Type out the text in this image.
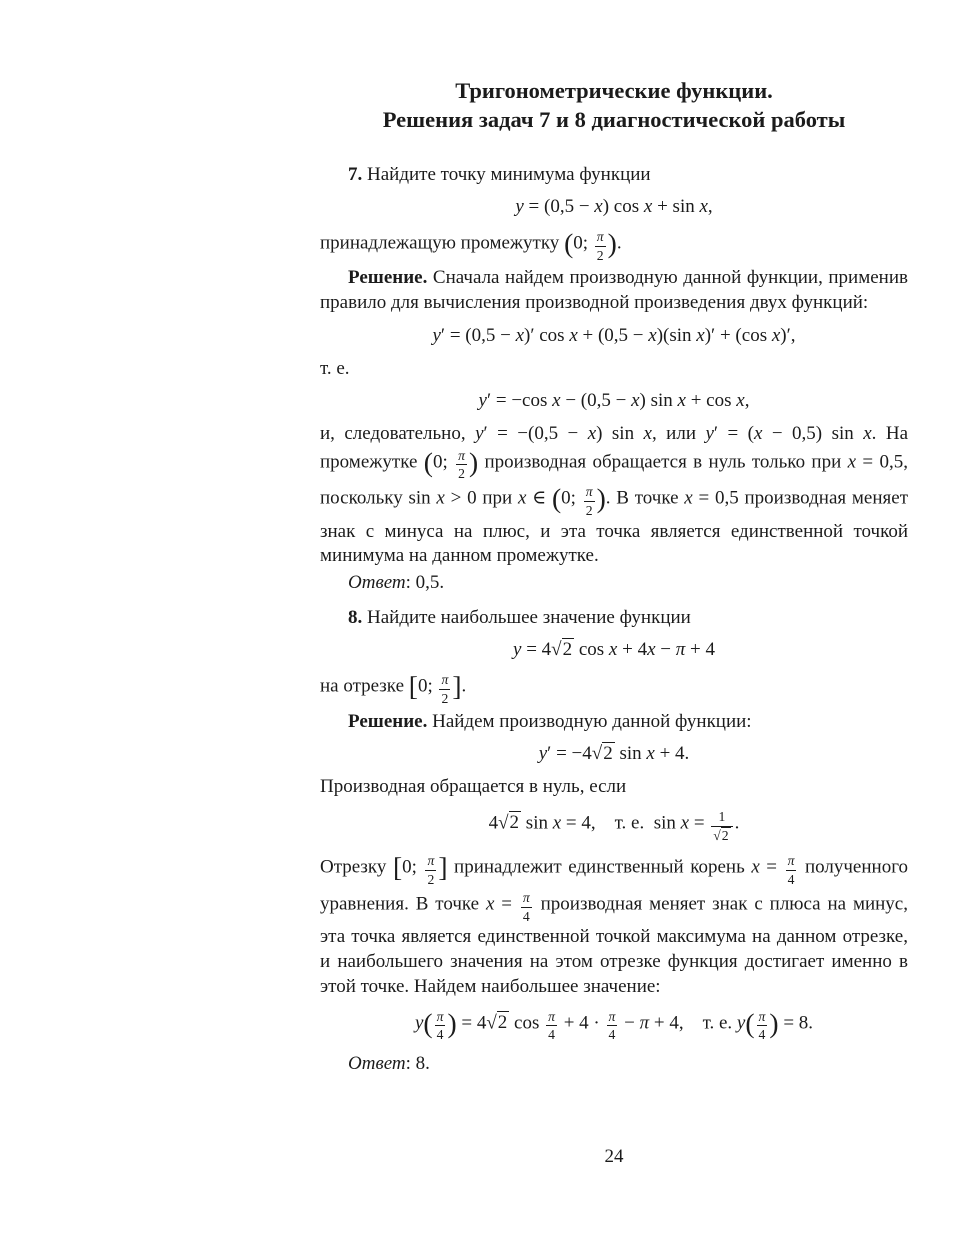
Тригонометрические функции.
Решения задач 7 и 8 диагностической работы

7. Найдите точку минимума функции

y = (0,5 − x) cos x + sin x,

принадлежащую промежутку (0; $\frac{\pi}{2}$ ).

Решение. Сначала найдем производную данной функции, применив правило для вычисления производной произведения двух функций:

y′ = (0,5 − x)′ cos x + (0,5 − x)(sin x)′ + (cos x)′,

т. е.

y′ = −cos x − (0,5 − x) sin x + cos x,

и, следовательно, y′ = −(0,5 − x) sin x, или y′ = (x − 0,5) sin x. На промежутке (0; $\frac{\pi}{2}$ ) производная обращается в нуль только при x = 0,5, поскольку sin x > 0 при x ∈ (0; $\frac{\pi}{2}$ ). В точке x = 0,5 производная меняет знак с минуса на плюс, и эта точка является единственной точкой минимума на данном промежутке.

Ответ: 0,5.

8. Найдите наибольшее значение функции

y = 4√2 cos x + 4x − π + 4

на отрезке [0; $\frac{\pi}{2}$ ].

Решение. Найдем производную данной функции:

y′ = −4√2 sin x + 4.

Производная обращается в нуль, если

4√2 sin x = 4, т. е. $\sin x = \frac{1}{√2}$ .

Отрезку [0; $\frac{\pi}{2}$ ] принадлежит единственный корень $x = \frac{\pi}{4}$ полученного уравнения. В точке $x = \frac{\pi}{4}$ производная меняет знак с плюса на минус, эта точка является единственной точкой максимума на данном отрезке, и наибольшего значения на этом отрезке функция достигает именно в этой точке. Найдем наибольшее значение:

$y( \frac{\pi}{4}$ ) = 4√2 $\cos \frac{\pi}{4} + 4 \cdot \frac{\pi}{4} - \pi + 4$, т. е. $y( \frac{\pi}{4}$ ) = 8.

Ответ: 8.

24
